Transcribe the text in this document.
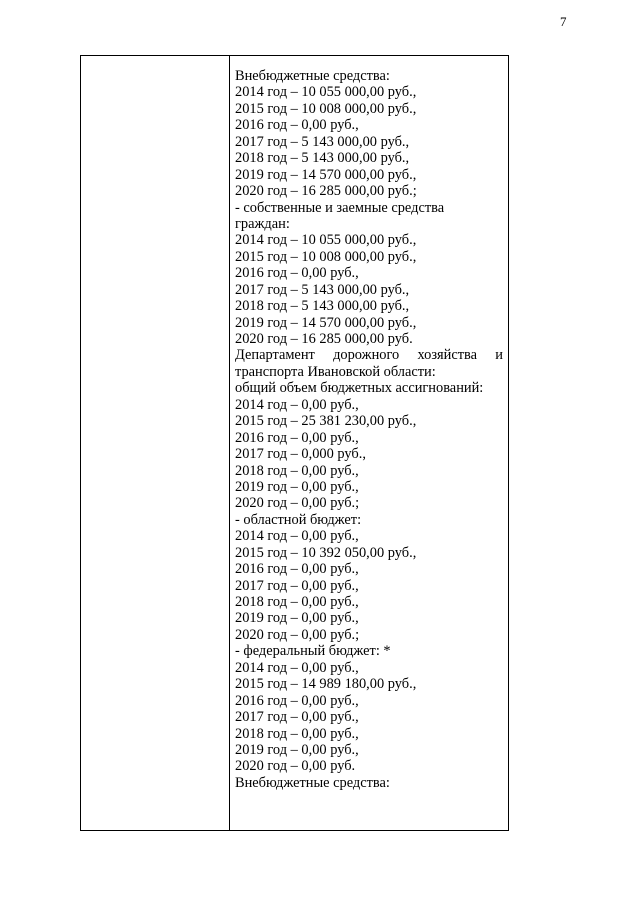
7
Внебюджетные средства:
2014 год – 10 055 000,00 руб.,
2015 год – 10 008 000,00 руб.,
2016 год – 0,00 руб.,
2017 год – 5 143 000,00 руб.,
2018 год – 5 143 000,00 руб.,
2019 год – 14 570 000,00 руб.,
2020 год – 16 285 000,00 руб.;
- собственные и заемные средства
граждан:
2014 год – 10 055 000,00 руб.,
2015 год – 10 008 000,00 руб.,
2016 год – 0,00 руб.,
2017 год – 5 143 000,00 руб.,
2018 год – 5 143 000,00 руб.,
2019 год – 14 570 000,00 руб.,
2020 год – 16 285 000,00 руб.
Департамент дорожного хозяйства и
транспорта Ивановской области:
общий объем бюджетных ассигнований:
2014 год – 0,00 руб.,
2015 год – 25 381 230,00 руб.,
2016 год – 0,00 руб.,
2017 год – 0,000 руб.,
2018 год – 0,00 руб.,
2019 год – 0,00 руб.,
2020 год – 0,00 руб.;
- областной бюджет:
2014 год – 0,00 руб.,
2015 год – 10 392 050,00 руб.,
2016 год – 0,00 руб.,
2017 год – 0,00 руб.,
2018 год – 0,00 руб.,
2019 год – 0,00 руб.,
2020 год – 0,00 руб.;
- федеральный бюджет: *
2014 год – 0,00 руб.,
2015 год – 14 989 180,00 руб.,
2016 год – 0,00 руб.,
2017 год – 0,00 руб.,
2018 год – 0,00 руб.,
2019 год – 0,00 руб.,
2020 год – 0,00 руб.
Внебюджетные средства:
